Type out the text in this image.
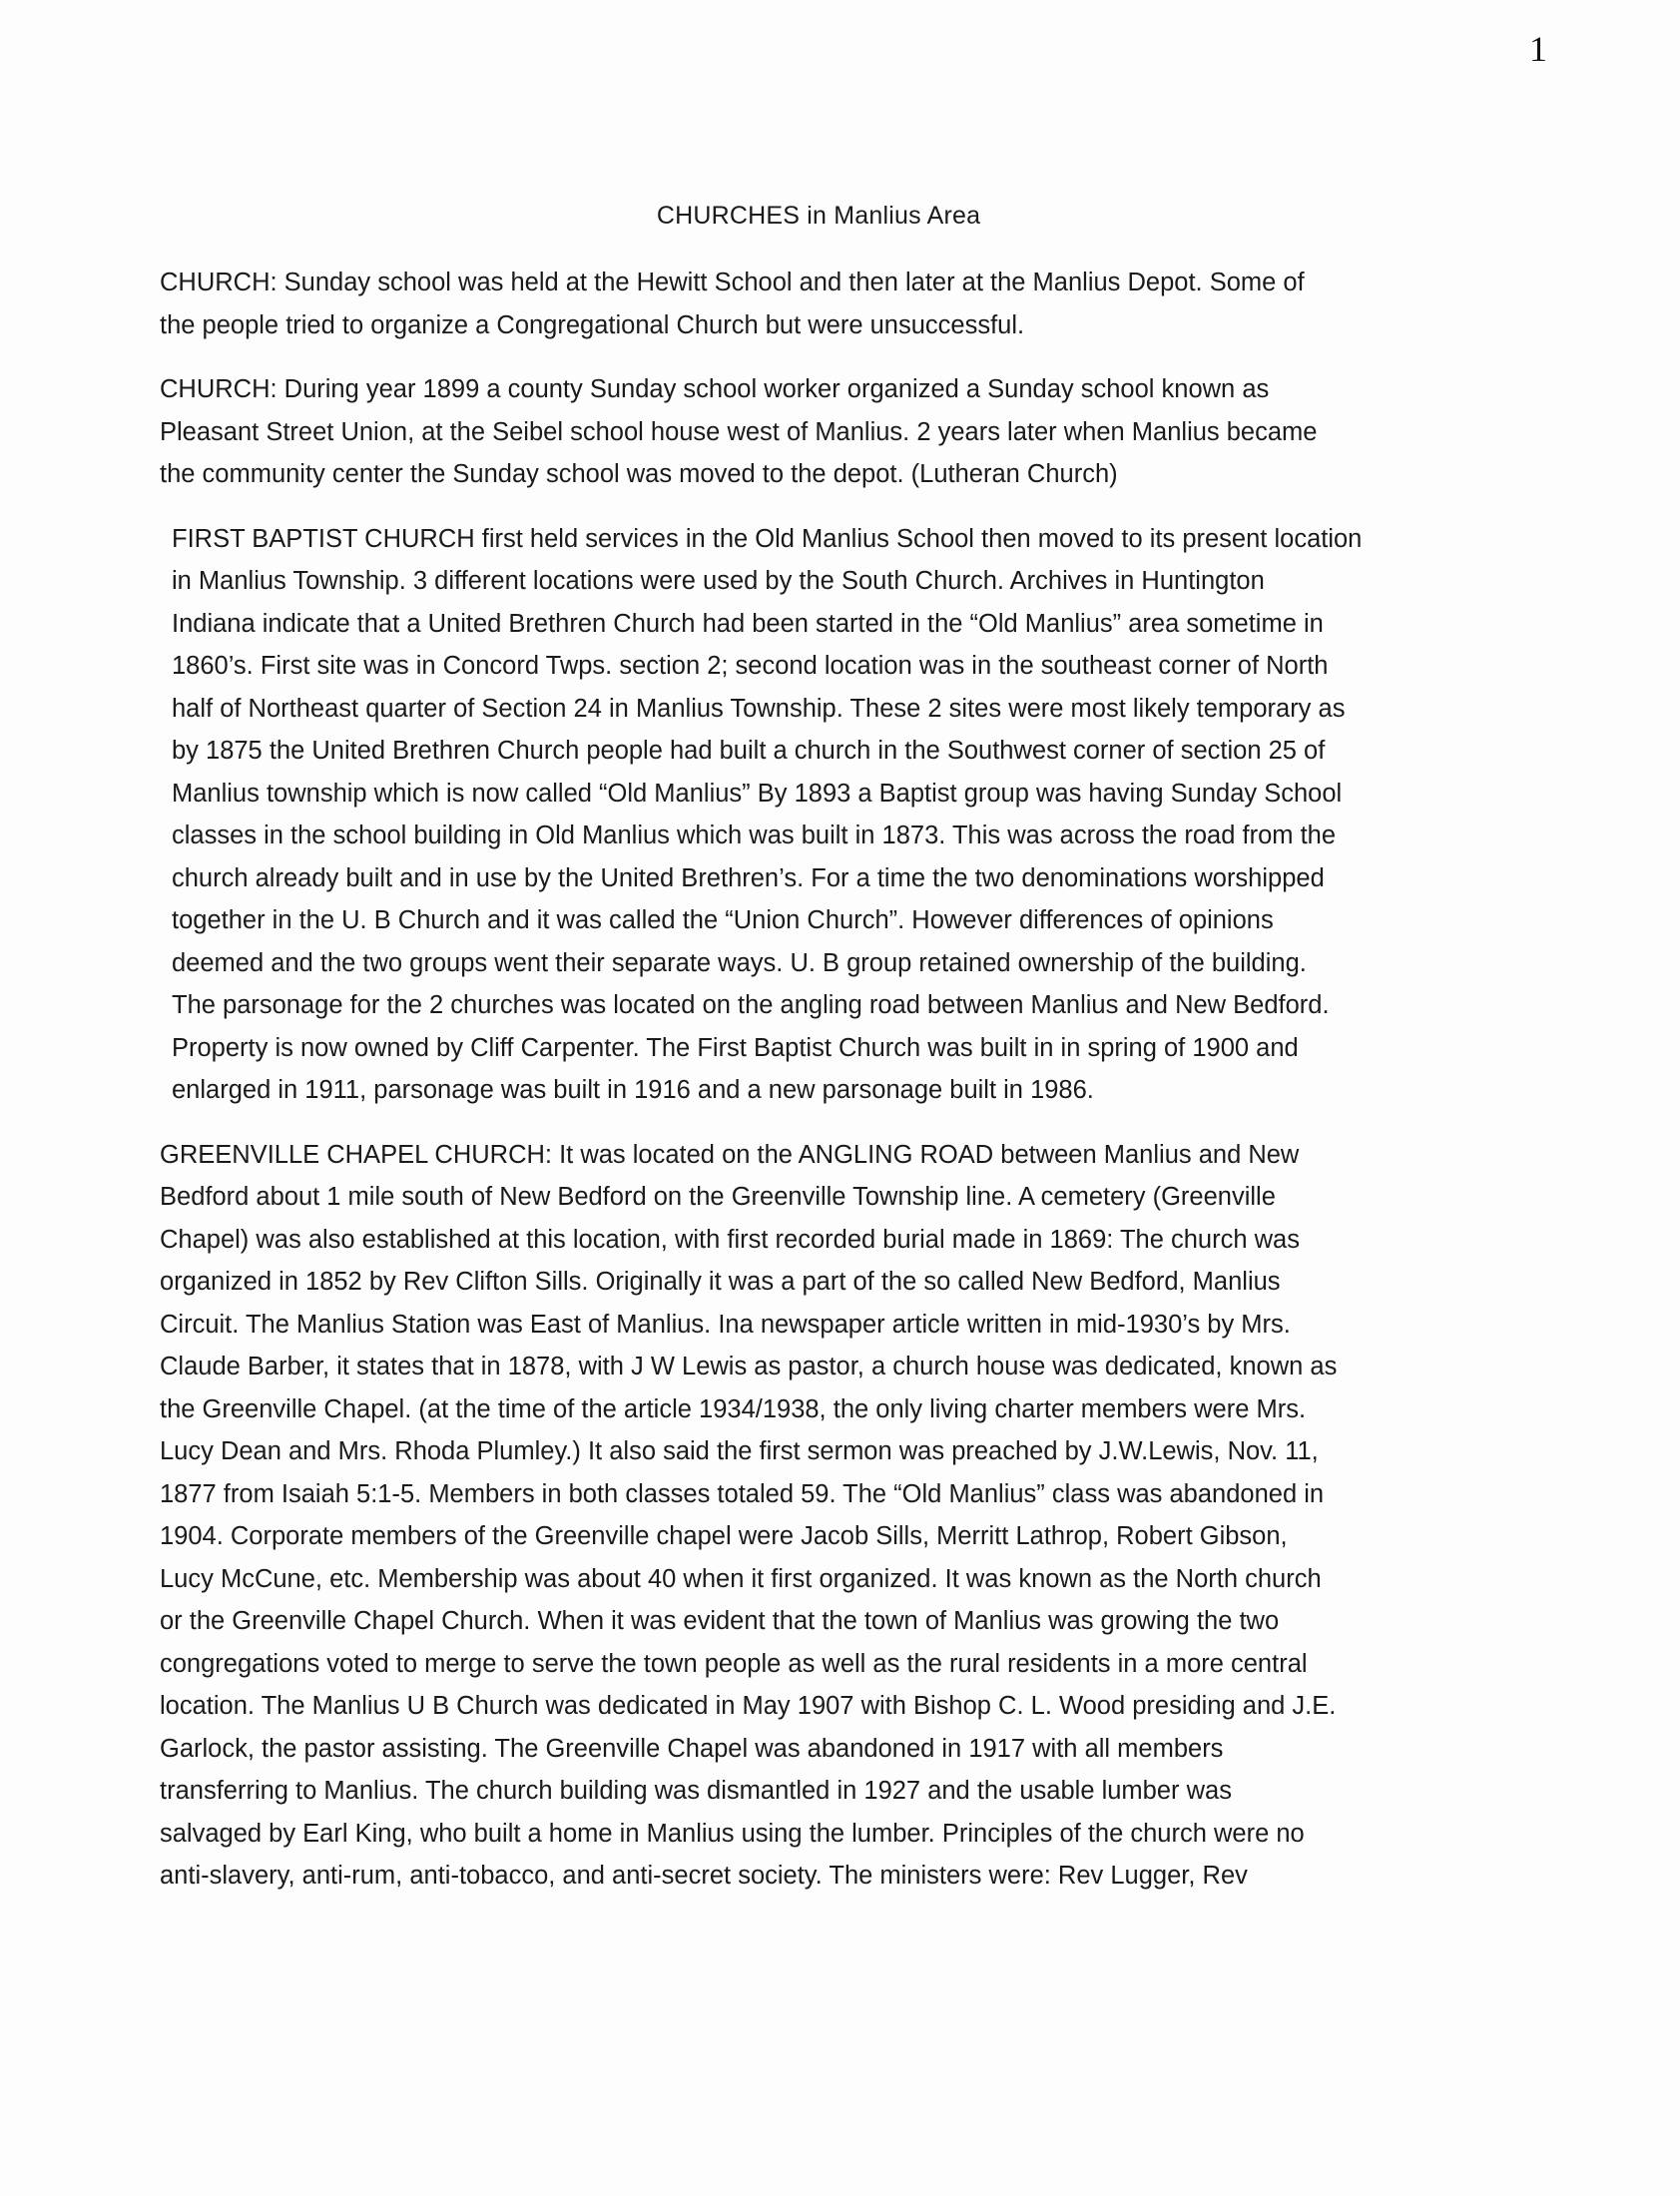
1
CHURCHES in Manlius Area
CHURCH: Sunday school was held at the Hewitt School and then later at the Manlius Depot. Some of
the people tried to organize a Congregational Church but were unsuccessful.
CHURCH: During year 1899 a county Sunday school worker organized a Sunday school known as
Pleasant Street Union, at the Seibel school house west of Manlius. 2 years later when Manlius became
the community center the Sunday school was moved to the depot. (Lutheran Church)
FIRST BAPTIST CHURCH first held services in the Old Manlius School then moved to its present location
in Manlius Township. 3 different locations were used by the South Church. Archives in Huntington
Indiana indicate that a United Brethren Church had been started in the “Old Manlius” area sometime in
1860’s. First site was in Concord Twps. section 2; second location was in the southeast corner of North
half of Northeast quarter of Section 24 in Manlius Township. These 2 sites were most likely temporary as
by 1875 the United Brethren Church people had built a church in the Southwest corner of section 25 of
Manlius township which is now called “Old Manlius” By 1893 a Baptist group was having Sunday School
classes in the school building in Old Manlius which was built in 1873. This was across the road from the
church already built and in use by the United Brethren’s. For a time the two denominations worshipped
together in the U. B Church and it was called the “Union Church”. However differences of opinions
deemed and the two groups went their separate ways. U. B group retained ownership of the building.
The parsonage for the 2 churches was located on the angling road between Manlius and New Bedford.
Property is now owned by Cliff Carpenter. The First Baptist Church was built in in spring of 1900 and
enlarged in 1911, parsonage was built in 1916 and a new parsonage built in 1986.
GREENVILLE CHAPEL CHURCH: It was located on the ANGLING ROAD between Manlius and New
Bedford about 1 mile south of New Bedford on the Greenville Township line. A cemetery (Greenville
Chapel) was also established at this location, with first recorded burial made in 1869: The church was
organized in 1852 by Rev Clifton Sills. Originally it was a part of the so called New Bedford, Manlius
Circuit. The Manlius Station was East of Manlius. Ina newspaper article written in mid-1930’s by Mrs.
Claude Barber, it states that in 1878, with J W Lewis as pastor, a church house was dedicated, known as
the Greenville Chapel. (at the time of the article 1934/1938, the only living charter members were Mrs.
Lucy Dean and Mrs. Rhoda Plumley.) It also said the first sermon was preached by J.W.Lewis, Nov. 11,
1877 from Isaiah 5:1-5. Members in both classes totaled 59. The “Old Manlius” class was abandoned in
1904. Corporate members of the Greenville chapel were Jacob Sills, Merritt Lathrop, Robert Gibson,
Lucy McCune, etc. Membership was about 40 when it first organized. It was known as the North church
or the Greenville Chapel Church. When it was evident that the town of Manlius was growing the two
congregations voted to merge to serve the town people as well as the rural residents in a more central
location. The Manlius U B Church was dedicated in May 1907 with Bishop C. L. Wood presiding and J.E.
Garlock, the pastor assisting. The Greenville Chapel was abandoned in 1917 with all members
transferring to Manlius. The church building was dismantled in 1927 and the usable lumber was
salvaged by Earl King, who built a home in Manlius using the lumber. Principles of the church were no
anti-slavery, anti-rum, anti-tobacco, and anti-secret society. The ministers were: Rev Lugger, Rev
